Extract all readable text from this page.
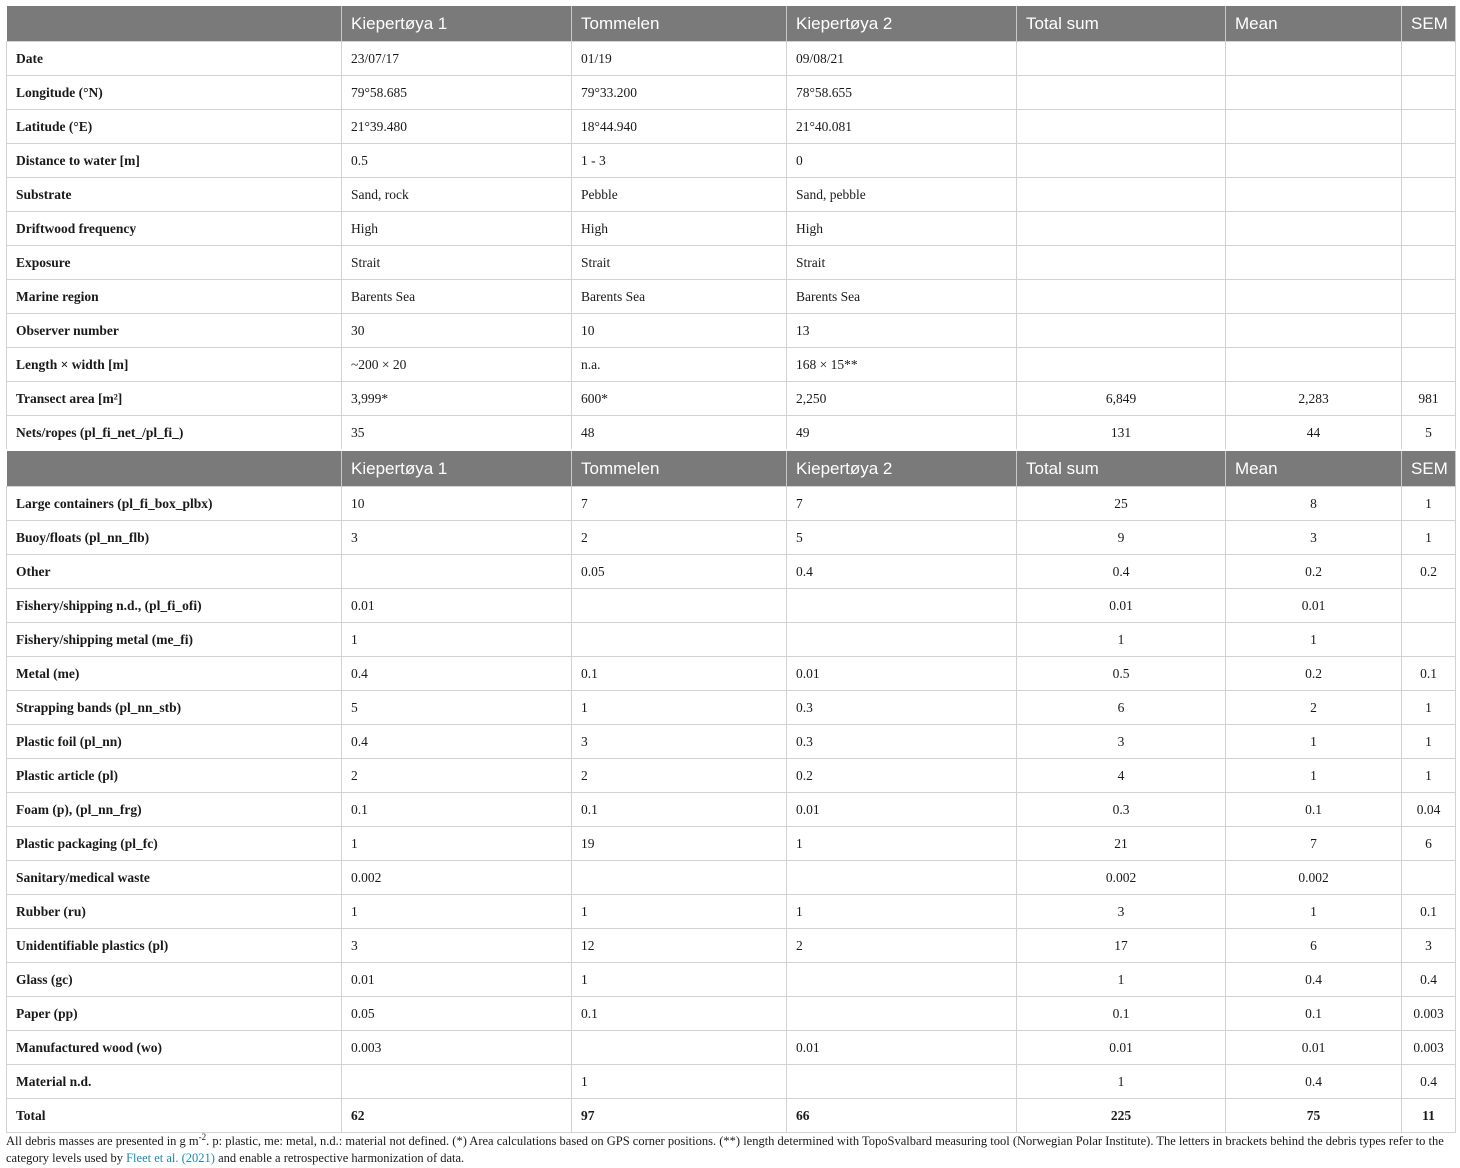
	Kiepertøya 1	Tommelen	Kiepertøya 2	Total sum	Mean	SEM
Date	23/07/17	01/19	09/08/21			
Longitude (°N)	79°58.685	79°33.200	78°58.655			
Latitude (°E)	21°39.480	18°44.940	21°40.081			
Distance to water [m]	0.5	1 - 3	0			
Substrate	Sand, rock	Pebble	Sand, pebble			
Driftwood frequency	High	High	High			
Exposure	Strait	Strait	Strait			
Marine region	Barents Sea	Barents Sea	Barents Sea			
Observer number	30	10	13			
Length × width [m]	~200 × 20	n.a.	168 × 15**			
Transect area [m²]	3,999*	600*	2,250	6,849	2,283	981
Nets/ropes (pl_fi_net_/pl_fi_)	35	48	49	131	44	5
	Kiepertøya 1	Tommelen	Kiepertøya 2	Total sum	Mean	SEM
Large containers (pl_fi_box_plbx)	10	7	7	25	8	1
Buoy/floats (pl_nn_flb)	3	2	5	9	3	1
Other		0.05	0.4	0.4	0.2	0.2
Fishery/shipping n.d., (pl_fi_ofi)	0.01			0.01	0.01	
Fishery/shipping metal (me_fi)	1			1	1	
Metal (me)	0.4	0.1	0.01	0.5	0.2	0.1
Strapping bands (pl_nn_stb)	5	1	0.3	6	2	1
Plastic foil (pl_nn)	0.4	3	0.3	3	1	1
Plastic article (pl)	2	2	0.2	4	1	1
Foam (p), (pl_nn_frg)	0.1	0.1	0.01	0.3	0.1	0.04
Plastic packaging (pl_fc)	1	19	1	21	7	6
Sanitary/medical waste	0.002			0.002	0.002	
Rubber (ru)	1	1	1	3	1	0.1
Unidentifiable plastics (pl)	3	12	2	17	6	3
Glass (gc)	0.01	1		1	0.4	0.4
Paper (pp)	0.05	0.1		0.1	0.1	0.003
Manufactured wood (wo)	0.003		0.01	0.01	0.01	0.003
Material n.d.		1		1	0.4	0.4
Total	62	97	66	225	75	11
All debris masses are presented in g $m^{-2}$. p: plastic, me: metal, n.d.: material not defined. (*) Area calculations based on GPS corner positions. (**) length determined with TopoSvalbard measuring tool (Norwegian Polar Institute). The letters in brackets behind the debris types refer to the category levels used by Fleet et al. (2021) and enable a retrospective harmonization of data.
